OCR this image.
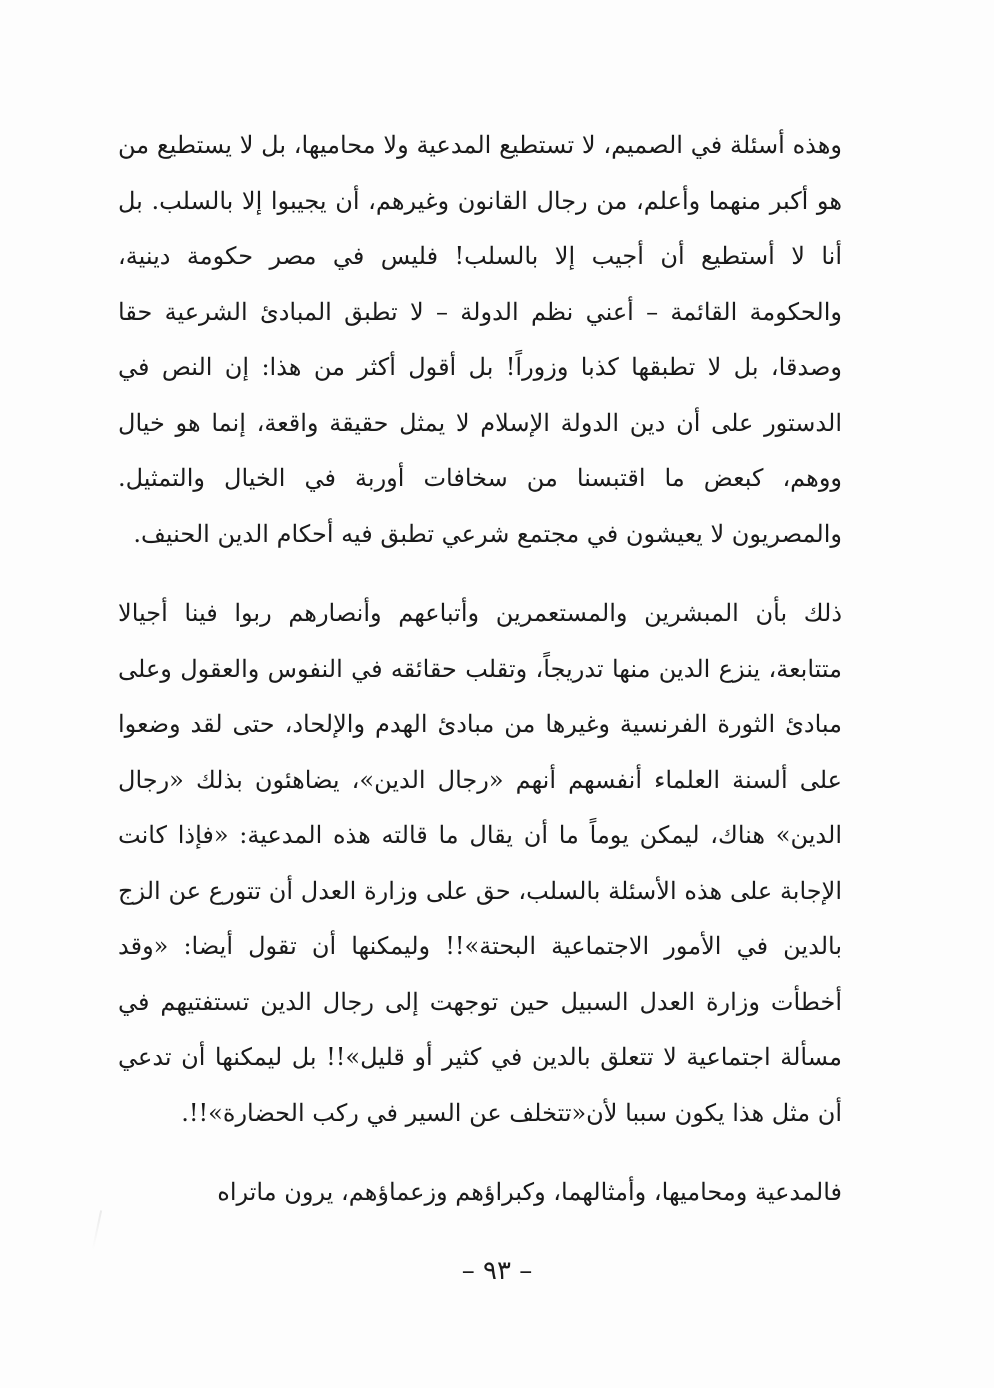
وهذه أسئلة في الصميم، لا تستطيع المدعية ولا محاميها، بل لا يستطيع من هو أكبر منهما وأعلم، من رجال القانون وغيرهم، أن يجيبوا إلا بالسلب. بل أنا لا أستطيع أن أجيب إلا بالسلب! فليس في مصر حكومة دينية، والحكومة القائمة – أعني نظم الدولة – لا تطبق المبادئ الشرعية حقا وصدقا، بل لا تطبقها كذبا وزوراً! بل أقول أكثر من هذا: إن النص في الدستور على أن دين الدولة الإسلام لا يمثل حقيقة واقعة، إنما هو خيال ووهم، كبعض ما اقتبسنا من سخافات أوربة في الخيال والتمثيل. والمصريون لا يعيشون في مجتمع شرعي تطبق فيه أحكام الدين الحنيف.

ذلك بأن المبشرين والمستعمرين وأتباعهم وأنصارهم ربوا فينا أجيالا متتابعة، ينزع الدين منها تدريجاً، وتقلب حقائقه في النفوس والعقول وعلى مبادئ الثورة الفرنسية وغيرها من مبادئ الهدم والإلحاد، حتى لقد وضعوا على ألسنة العلماء أنفسهم أنهم «رجال الدين»، يضاهئون بذلك «رجال الدين» هناك، ليمكن يوماً ما أن يقال ما قالته هذه المدعية: «فإذا كانت الإجابة على هذه الأسئلة بالسلب، حق على وزارة العدل أن تتورع عن الزج بالدين في الأمور الاجتماعية البحتة»!! وليمكنها أن تقول أيضا: «وقد أخطأت وزارة العدل السبيل حين توجهت إلى رجال الدين تستفتيهم في مسألة اجتماعية لا تتعلق بالدين في كثير أو قليل»!! بل ليمكنها أن تدعي أن مثل هذا يكون سببا لأن«تتخلف عن السير في ركب الحضارة»!!.

فالمدعية ومحاميها، وأمثالهما، وكبراؤهم وزعماؤهم، يرون ماتراه

– ٩٣ –
